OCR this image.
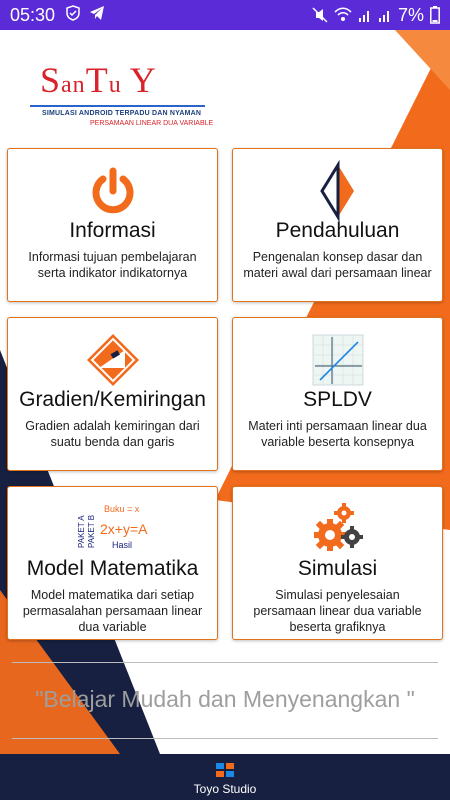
05:30	7%
SanTu Y
SIMULASI ANDROID TERPADU DAN NYAMAN
PERSAMAAN LINEAR DUA VARIABLE
Informasi
Informasi tujuan pembelajaran serta indikator indikatornya
Pendahuluan
Pengenalan konsep dasar dan materi awal dari persamaan linear
Gradien/Kemiringan
Gradien adalah kemiringan dari suatu benda dan garis
SPLDV
Materi inti persamaan linear dua variable beserta konsepnya
PAKET A PAKET B
Buku = x
2x+y=A
Hasil
Model Matematika
Model matematika dari setiap permasalahan persamaan linear dua variable
Simulasi
Simulasi penyelesaian persamaan linear dua variable beserta grafiknya
"Belajar Mudah dan Menyenangkan "
Toyo Studio
